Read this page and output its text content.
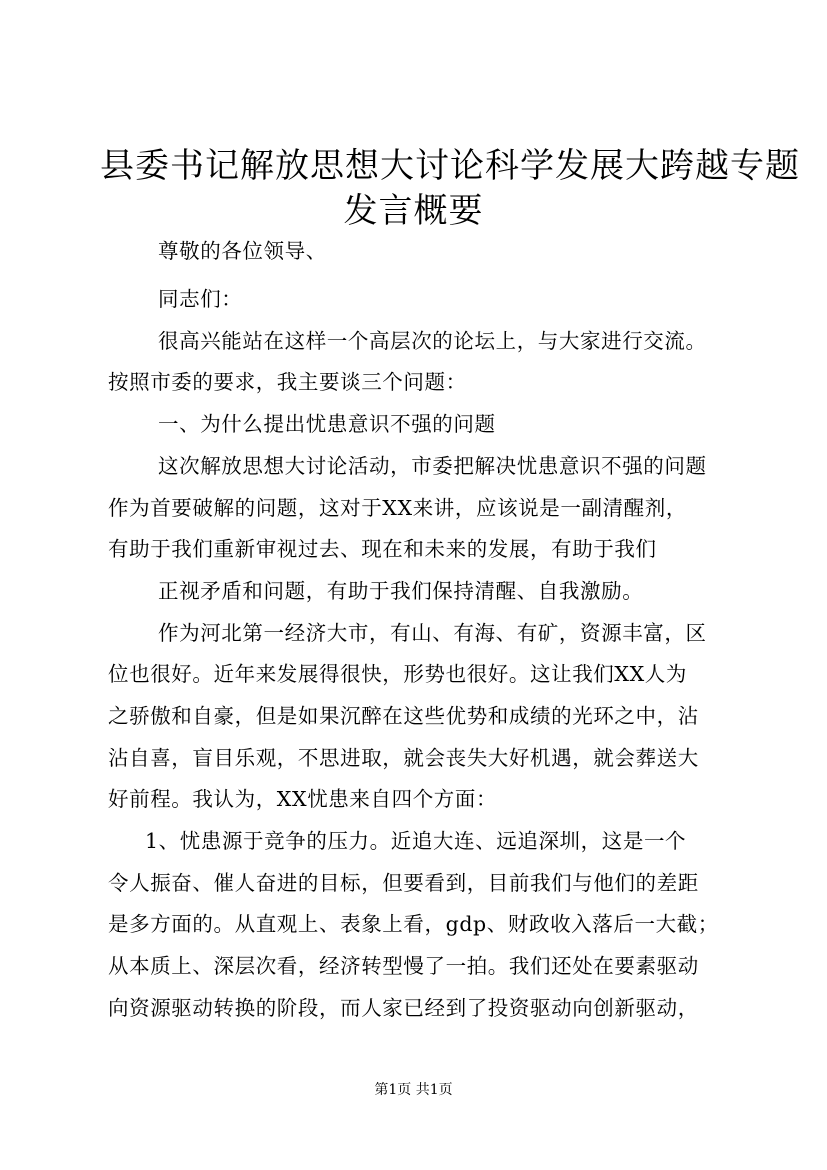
县委书记解放思想大讨论科学发展大跨越专题
发言概要
尊敬的各位领导、
同志们：
很高兴能站在这样一个高层次的论坛上，与大家进行交流。
按照市委的要求，我主要谈三个问题：
一、为什么提出忧患意识不强的问题
这次解放思想大讨论活动，市委把解决忧患意识不强的问题
作为首要破解的问题，这对于XX来讲，应该说是一副清醒剂，
有助于我们重新审视过去、现在和未来的发展，有助于我们
正视矛盾和问题，有助于我们保持清醒、自我激励。
作为河北第一经济大市，有山、有海、有矿，资源丰富，区
位也很好。近年来发展得很快，形势也很好。这让我们XX人为
之骄傲和自豪，但是如果沉醉在这些优势和成绩的光环之中，沾
沾自喜，盲目乐观，不思进取，就会丧失大好机遇，就会葬送大
好前程。我认为，XX忧患来自四个方面：
1、忧患源于竞争的压力。近追大连、远追深圳，这是一个
令人振奋、催人奋进的目标，但要看到，目前我们与他们的差距
是多方面的。从直观上、表象上看，gdp、财政收入落后一大截；
从本质上、深层次看，经济转型慢了一拍。我们还处在要素驱动
向资源驱动转换的阶段，而人家已经到了投资驱动向创新驱动，
第1页 共1页
